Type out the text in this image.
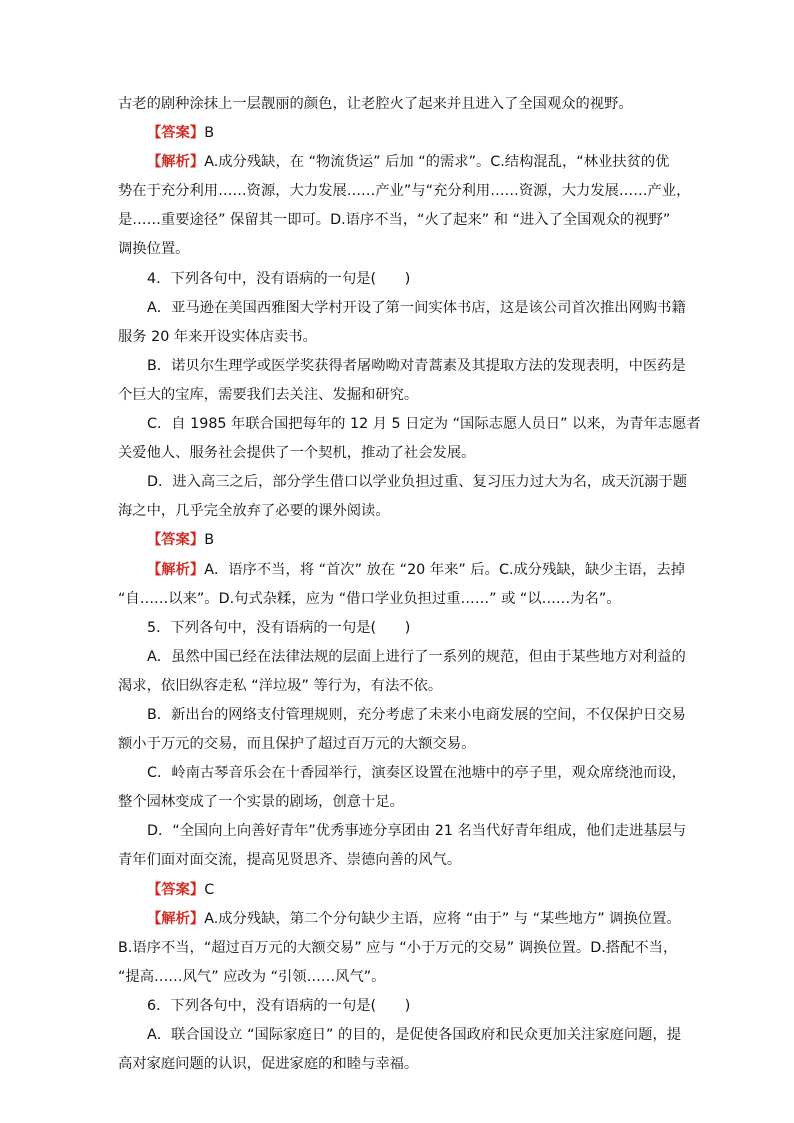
古老的剧种涂抹上一层靓丽的颜色，让老腔火了起来并且进入了全国观众的视野。
【答案】B
【解析】A.成分残缺，在 “物流货运” 后加 “的需求”。C.结构混乱，“林业扶贫的优
势在于充分利用……资源，大力发展……产业”与“充分利用……资源，大力发展……产业，
是……重要途径” 保留其一即可。D.语序不当，“火了起来” 和 “进入了全国观众的视野”
调换位置。
4．下列各句中，没有语病的一句是(　　)
A．亚马逊在美国西雅图大学村开设了第一间实体书店，这是该公司首次推出网购书籍
服务 20 年来开设实体店卖书。
B．诺贝尔生理学或医学奖获得者屠呦呦对青蒿素及其提取方法的发现表明，中医药是
个巨大的宝库，需要我们去关注、发掘和研究。
C．自 1985 年联合国把每年的 12 月 5 日定为 “国际志愿人员日” 以来，为青年志愿者
关爱他人、服务社会提供了一个契机，推动了社会发展。
D．进入高三之后，部分学生借口以学业负担过重、复习压力过大为名，成天沉溺于题
海之中，几乎完全放弃了必要的课外阅读。
【答案】B
【解析】A．语序不当，将 “首次” 放在 “20 年来” 后。C.成分残缺，缺少主语，去掉
“自……以来”。D.句式杂糅，应为 “借口学业负担过重……” 或 “以……为名”。
5．下列各句中，没有语病的一句是(　　)
A．虽然中国已经在法律法规的层面上进行了一系列的规范，但由于某些地方对利益的
渴求，依旧纵容走私 “洋垃圾” 等行为，有法不依。
B．新出台的网络支付管理规则，充分考虑了未来小电商发展的空间，不仅保护日交易
额小于万元的交易，而且保护了超过百万元的大额交易。
C．岭南古琴音乐会在十香园举行，演奏区设置在池塘中的亭子里，观众席绕池而设，
整个园林变成了一个实景的剧场，创意十足。
D．“全国向上向善好青年”优秀事迹分享团由 21 名当代好青年组成，他们走进基层与
青年们面对面交流，提高见贤思齐、崇德向善的风气。
【答案】C
【解析】A.成分残缺，第二个分句缺少主语，应将 “由于” 与 “某些地方” 调换位置。
B.语序不当，“超过百万元的大额交易” 应与 “小于万元的交易” 调换位置。D.搭配不当，
“提高……风气” 应改为 “引领……风气”。
6．下列各句中，没有语病的一句是(　　)
A．联合国设立 “国际家庭日” 的目的，是促使各国政府和民众更加关注家庭问题，提
高对家庭问题的认识，促进家庭的和睦与幸福。
